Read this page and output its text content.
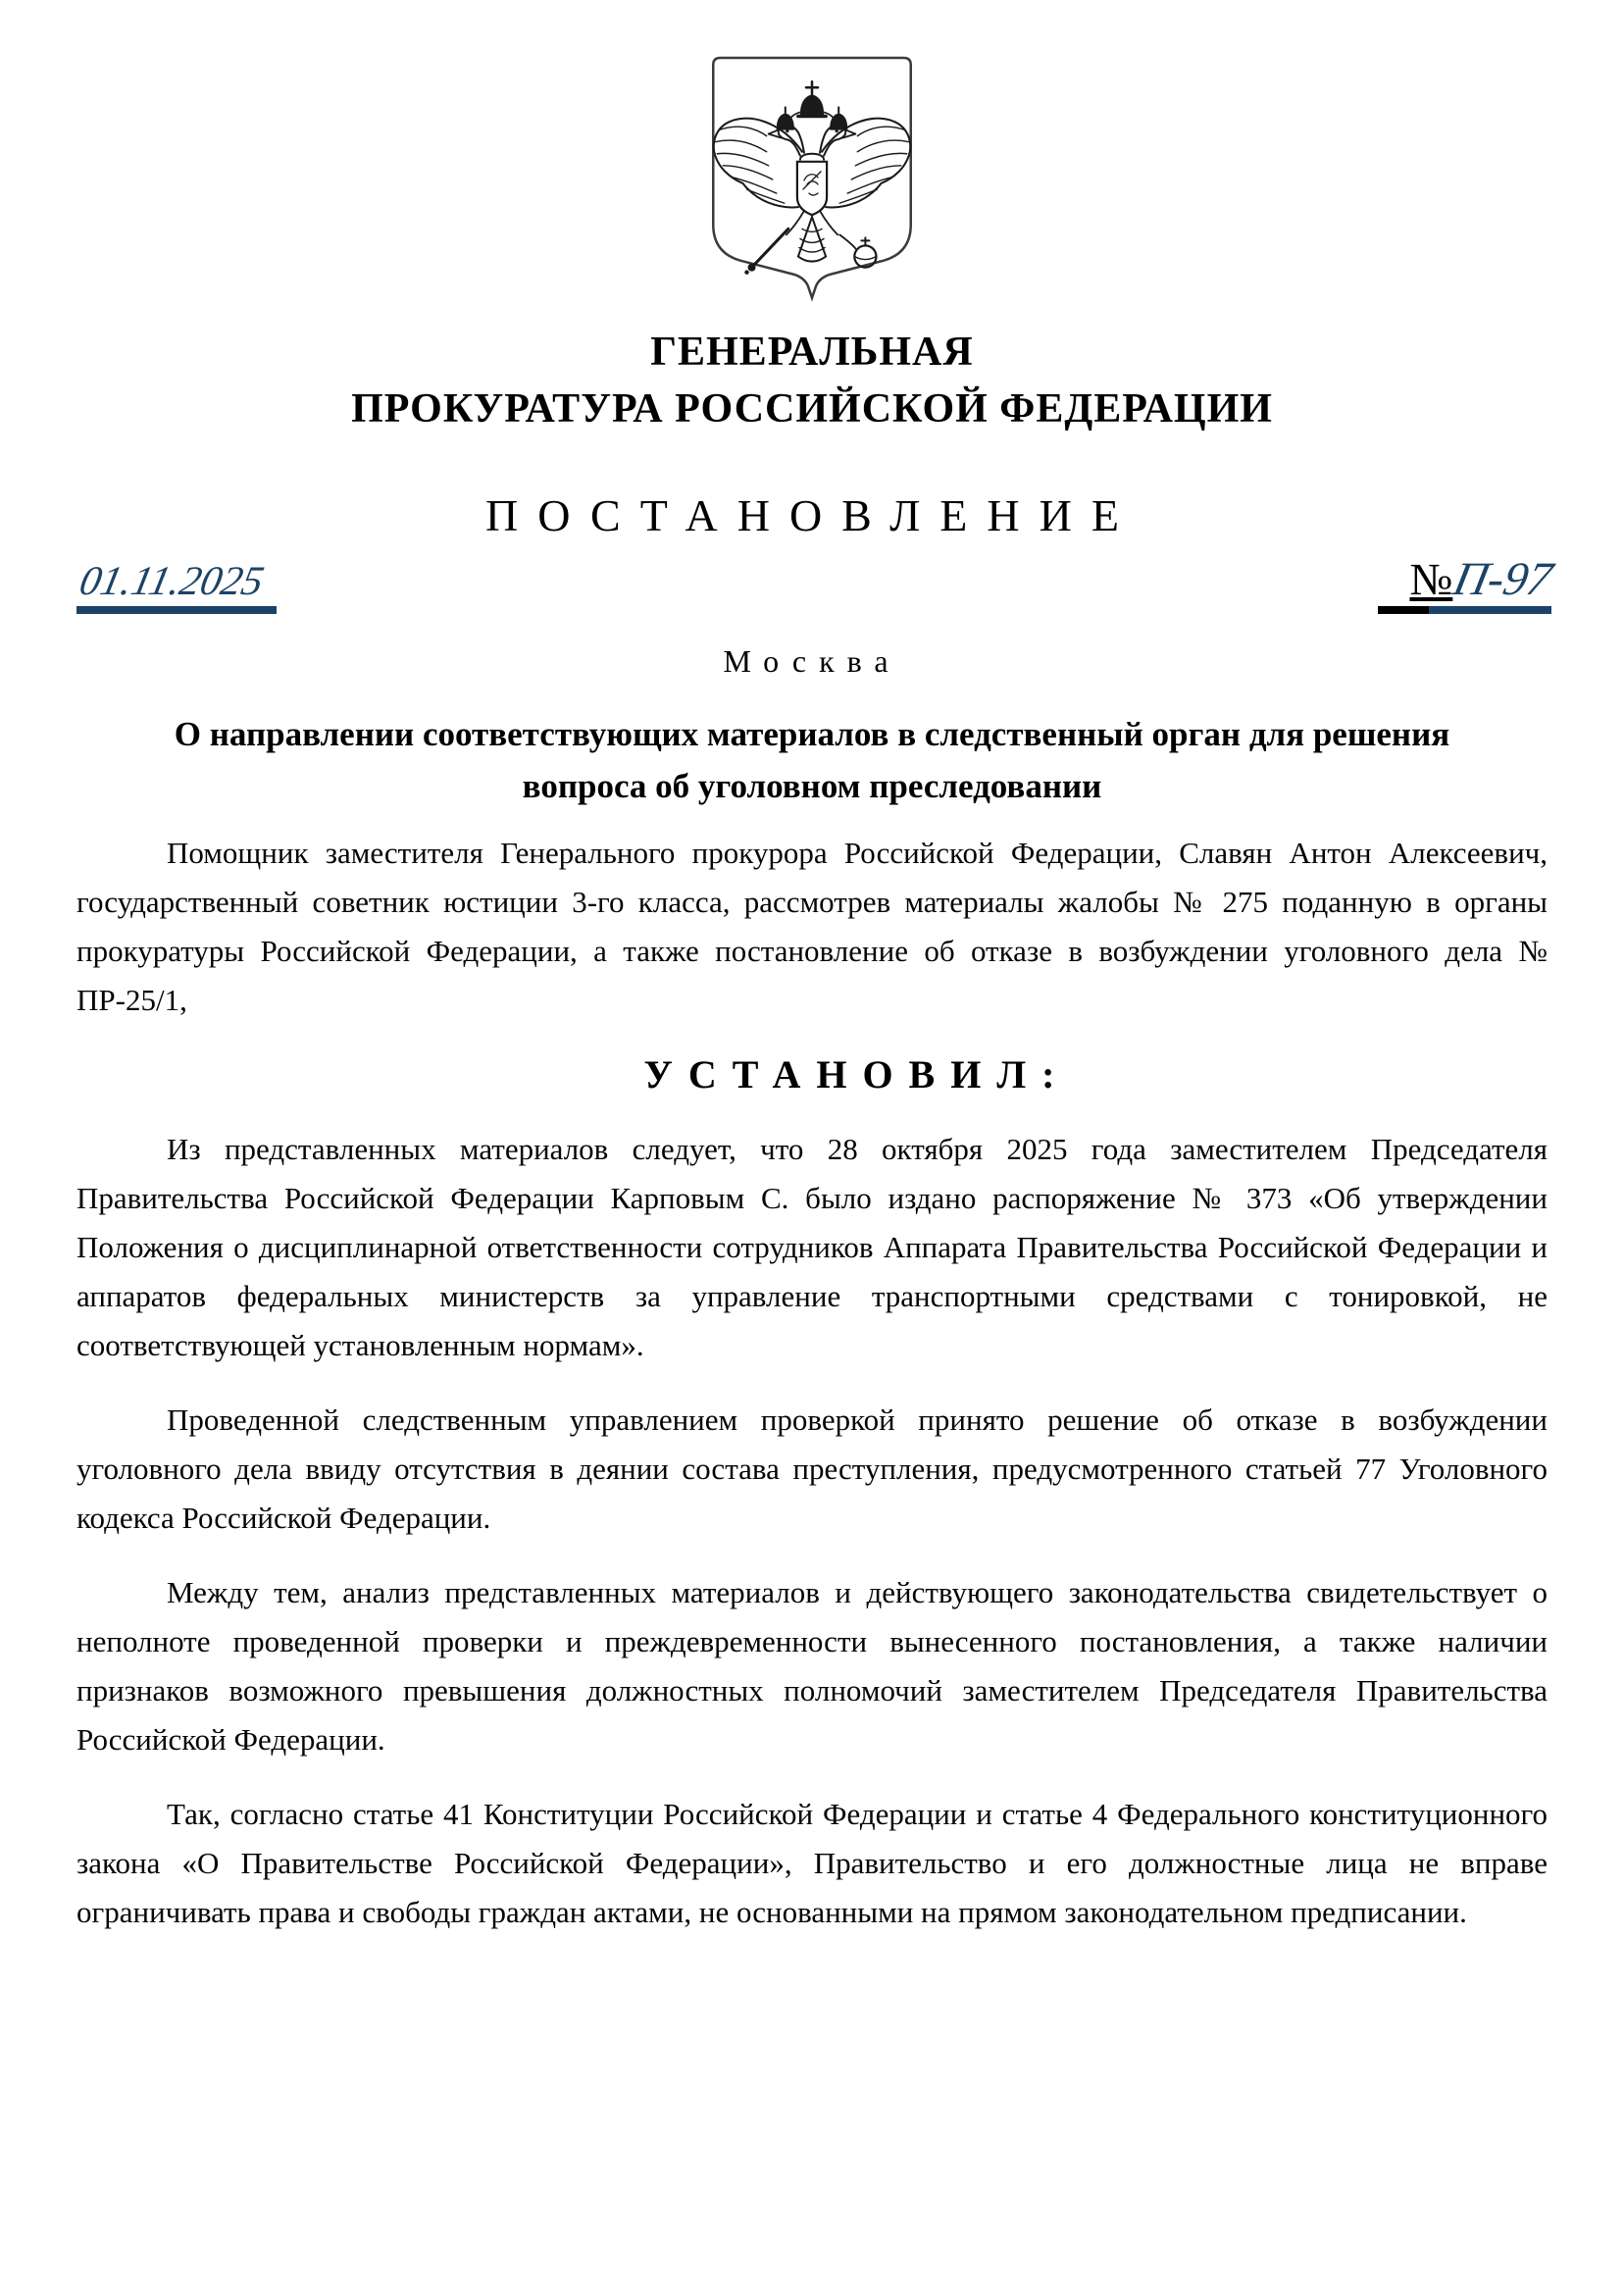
ГЕНЕРАЛЬНАЯ
ПРОКУРАТУРА РОССИЙСКОЙ ФЕДЕРАЦИИ
ПОСТАНОВЛЕНИЕ
01.11.2025	№П-97
Москва
О направлении соответствующих материалов в следственный орган для решения вопроса об уголовном преследовании

Помощник заместителя Генерального прокурора Российской Федерации, Славян Антон Алексеевич, государственный советник юстиции 3-го класса, рассмотрев материалы жалобы № 275 поданную в органы прокуратуры Российской Федерации, а также постановление об отказе в возбуждении уголовного дела № ПР-25/1,

УСТАНОВИЛ:

Из представленных материалов следует, что 28 октября 2025 года заместителем Председателя Правительства Российской Федерации Карповым С. было издано распоряжение № 373 «Об утверждении Положения о дисциплинарной ответственности сотрудников Аппарата Правительства Российской Федерации и аппаратов федеральных министерств за управление транспортными средствами с тонировкой, не соответствующей установленным нормам».

Проведенной следственным управлением проверкой принято решение об отказе в возбуждении уголовного дела ввиду отсутствия в деянии состава преступления, предусмотренного статьей 77 Уголовного кодекса Российской Федерации.

Между тем, анализ представленных материалов и действующего законодательства свидетельствует о неполноте проведенной проверки и преждевременности вынесенного постановления, а также наличии признаков возможного превышения должностных полномочий заместителем Председателя Правительства Российской Федерации.

Так, согласно статье 41 Конституции Российской Федерации и статье 4 Федерального конституционного закона «О Правительстве Российской Федерации», Правительство и его должностные лица не вправе ограничивать права и свободы граждан актами, не основанными на прямом законодательном предписании.
